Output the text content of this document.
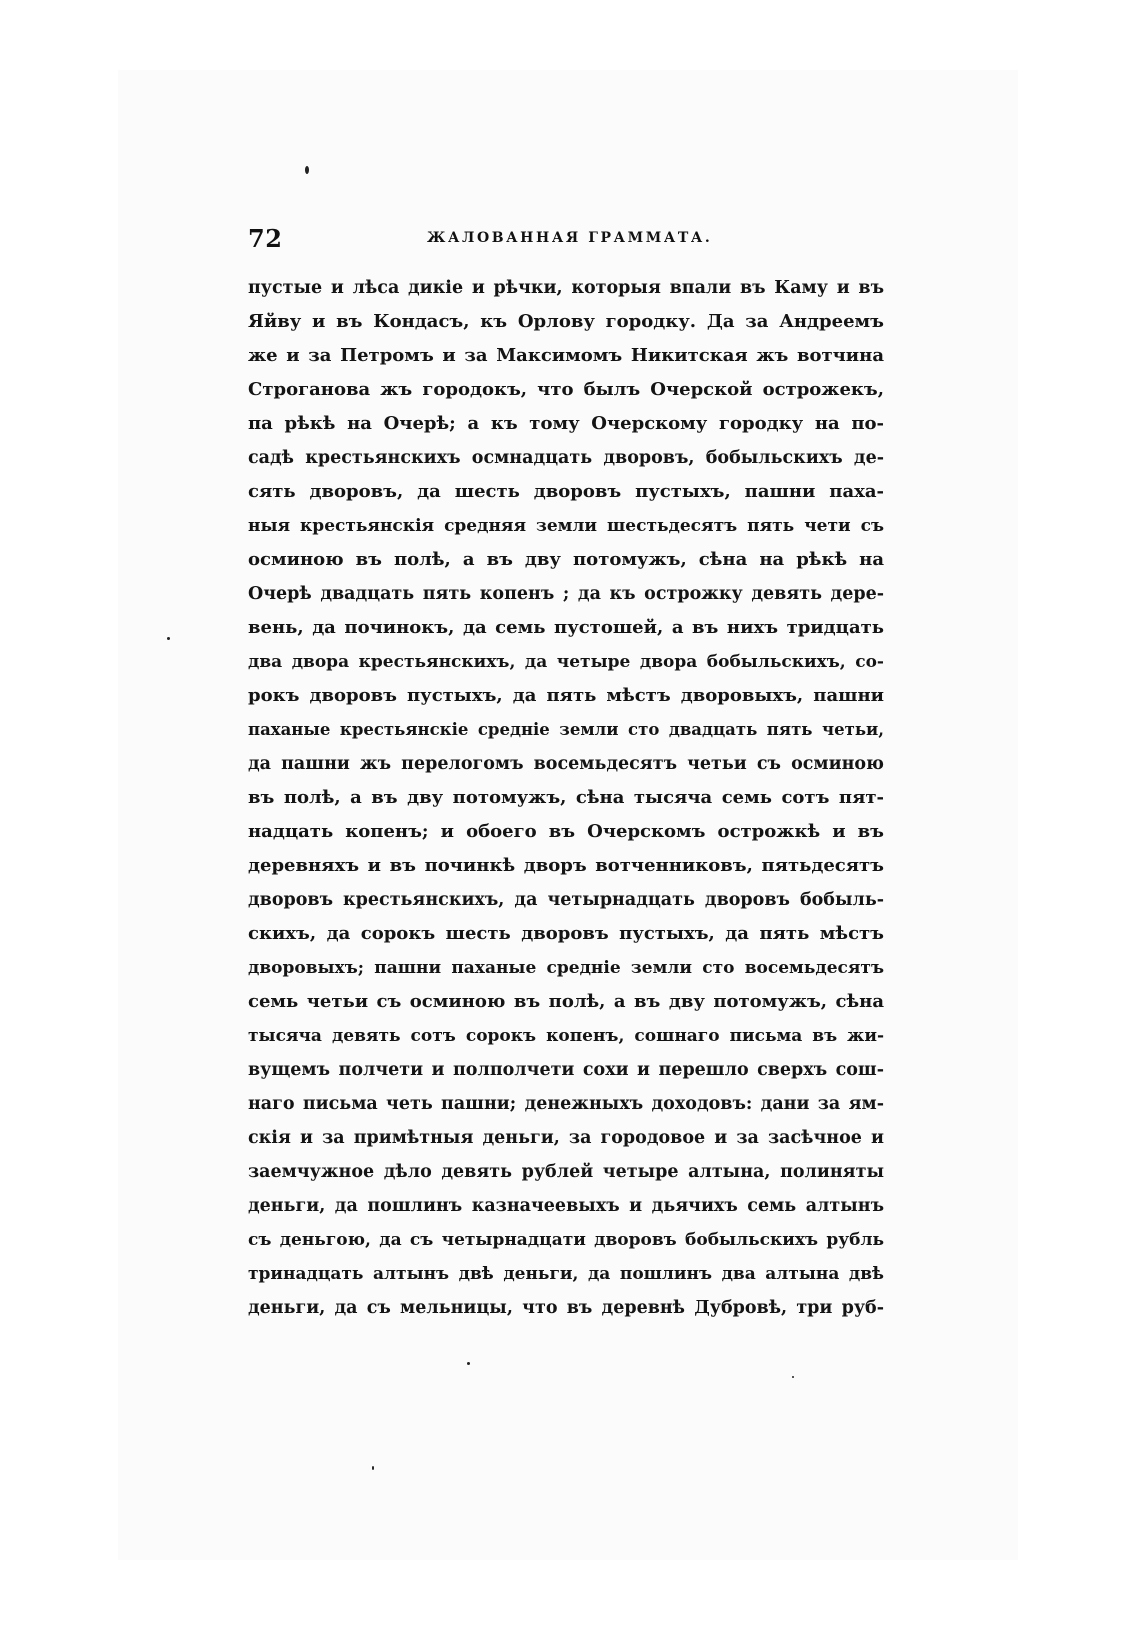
72	ЖАЛОВАННАЯ ГРАММАТА.
пустые и лѣса дикіе и рѣчки, которыя впали въ Каму и въ
Яйву и въ Кондасъ, къ Орлову городку. Да за Андреемъ
же и за Петромъ и за Максимомъ Никитская жъ вотчина
Строганова жъ городокъ, что былъ Очерской острожекъ,
па рѣкѣ на Очерѣ; а къ тому Очерскому городку на по-
садѣ крестьянскихъ осмнадцать дворовъ, бобыльскихъ де-
сять дворовъ, да шесть дворовъ пустыхъ, пашни паха-
ныя крестьянскія средняя земли шестьдесятъ пять чети съ
осминою въ полѣ, а въ дву потомужъ, сѣна на рѣкѣ на
Очерѣ двадцать пять копенъ ; да къ острожку девять дере-
вень, да починокъ, да семь пустошей, а въ нихъ тридцать
два двора крестьянскихъ, да четыре двора бобыльскихъ, со-
рокъ дворовъ пустыхъ, да пять мѣстъ дворовыхъ, пашни
паханые крестьянскіе средніе земли сто двадцать пять четьи,
да пашни жъ перелогомъ восемьдесятъ четьи съ осминою
въ полѣ, а въ дву потомужъ, сѣна тысяча семь сотъ пят-
надцать копенъ; и обоего въ Очерскомъ острожкѣ и въ
деревняхъ и въ починкѣ дворъ вотченниковъ, пятьдесятъ
дворовъ крестьянскихъ, да четырнадцать дворовъ бобыль-
скихъ, да сорокъ шесть дворовъ пустыхъ, да пять мѣстъ
дворовыхъ; пашни паханые средніе земли сто восемьдесятъ
семь четьи съ осминою въ полѣ, а въ дву потомужъ, сѣна
тысяча девять сотъ сорокъ копенъ, сошнаго письма въ жи-
вущемъ полчети и полполчети сохи и перешло сверхъ сош-
наго письма четь пашни; денежныхъ доходовъ: дани за ям-
скія и за примѣтныя деньги, за городовое и за засѣчное и
заемчужное дѣло девять рублей четыре алтына, полиняты
деньги, да пошлинъ казначеевыхъ и дьячихъ семь алтынъ
съ деньгою, да съ четырнадцати дворовъ бобыльскихъ рубль
тринадцать алтынъ двѣ деньги, да пошлинъ два алтына двѣ
деньги, да съ мельницы, что въ деревнѣ Дубровѣ, три руб-
